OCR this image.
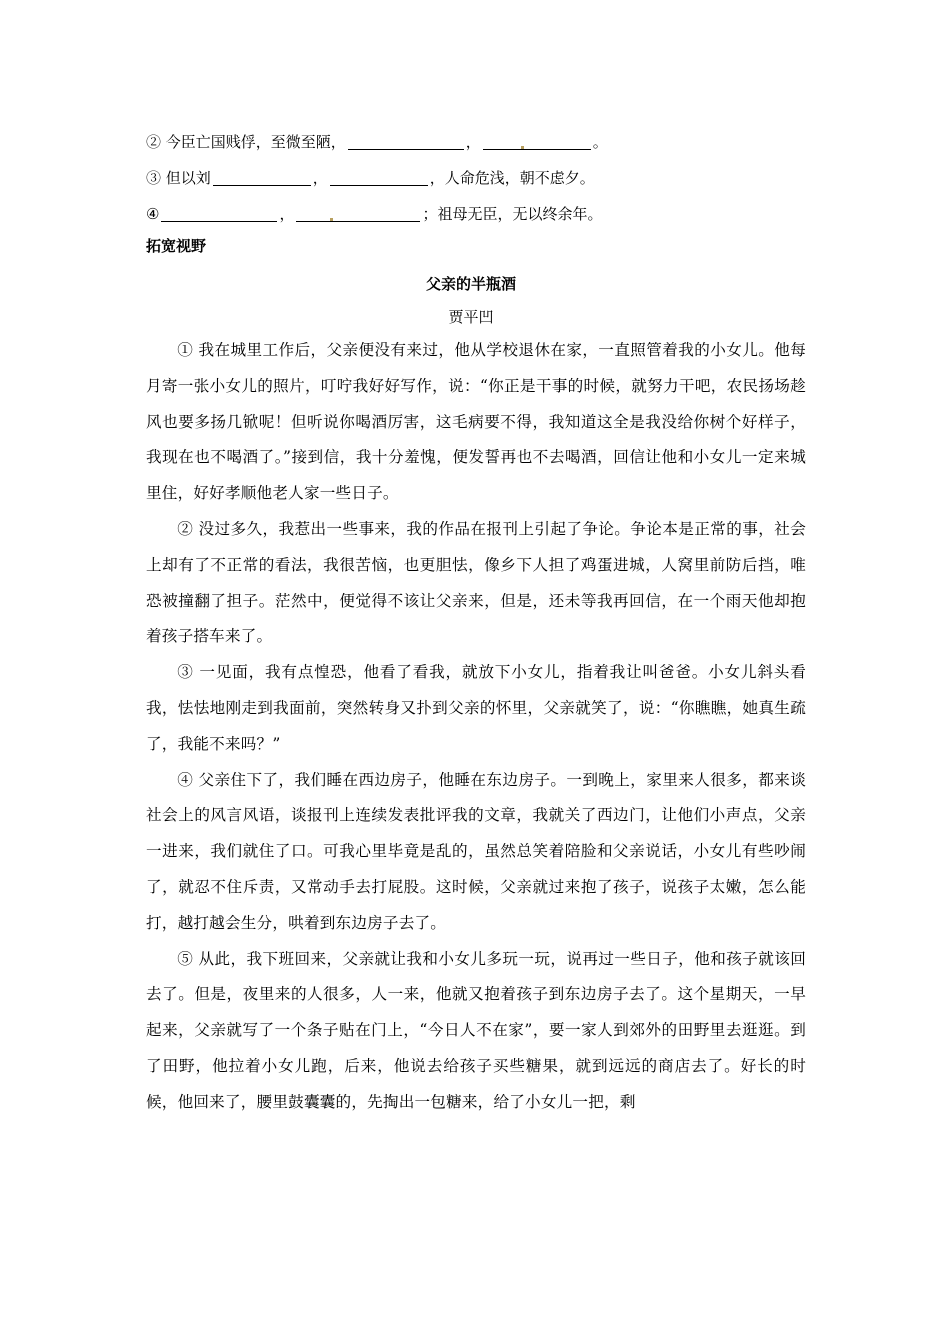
② 今臣亡国贱俘，至微至陋，	，	。
③ 但以刘	，	，人命危浅，朝不虑夕。
④	，	；祖母无臣，无以终余年。
拓宽视野
父亲的半瓶酒
贾平凹

① 我在城里工作后，父亲便没有来过，他从学校退休在家，一直照管着我的小女儿。他每月寄一张小女儿的照片，叮咛我好好写作，说：“你正是干事的时候，就努力干吧，农民扬场趁风也要多扬几锨呢！但听说你喝酒厉害，这毛病要不得，我知道这全是我没给你树个好样子，我现在也不喝酒了。”接到信，我十分羞愧，便发誓再也不去喝酒，回信让他和小女儿一定来城里住，好好孝顺他老人家一些日子。

② 没过多久，我惹出一些事来，我的作品在报刊上引起了争论。争论本是正常的事，社会上却有了不正常的看法，我很苦恼，也更胆怯，像乡下人担了鸡蛋进城，人窝里前防后挡，唯恐被撞翻了担子。茫然中，便觉得不该让父亲来，但是，还未等我再回信，在一个雨天他却抱着孩子搭车来了。

③ 一见面，我有点惶恐，他看了看我，就放下小女儿，指着我让叫爸爸。小女儿斜头看我，怯怯地刚走到我面前，突然转身又扑到父亲的怀里，父亲就笑了，说：“你瞧瞧，她真生疏了，我能不来吗？”

④ 父亲住下了，我们睡在西边房子，他睡在东边房子。一到晚上，家里来人很多，都来谈社会上的风言风语，谈报刊上连续发表批评我的文章，我就关了西边门，让他们小声点，父亲一进来，我们就住了口。可我心里毕竟是乱的，虽然总笑着陪脸和父亲说话，小女儿有些吵闹了，就忍不住斥责，又常动手去打屁股。这时候，父亲就过来抱了孩子，说孩子太嫩，怎么能打，越打越会生分，哄着到东边房子去了。

⑤ 从此，我下班回来，父亲就让我和小女儿多玩一玩，说再过一些日子，他和孩子就该回去了。但是，夜里来的人很多，人一来，他就又抱着孩子到东边房子去了。这个星期天，一早起来，父亲就写了一个条子贴在门上，“今日人不在家”，要一家人到郊外的田野里去逛逛。到了田野，他拉着小女儿跑，后来，他说去给孩子买些糖果，就到远远的商店去了。好长的时候，他回来了，腰里鼓囊囊的，先掏出一包糖来，给了小女儿一把，剩
